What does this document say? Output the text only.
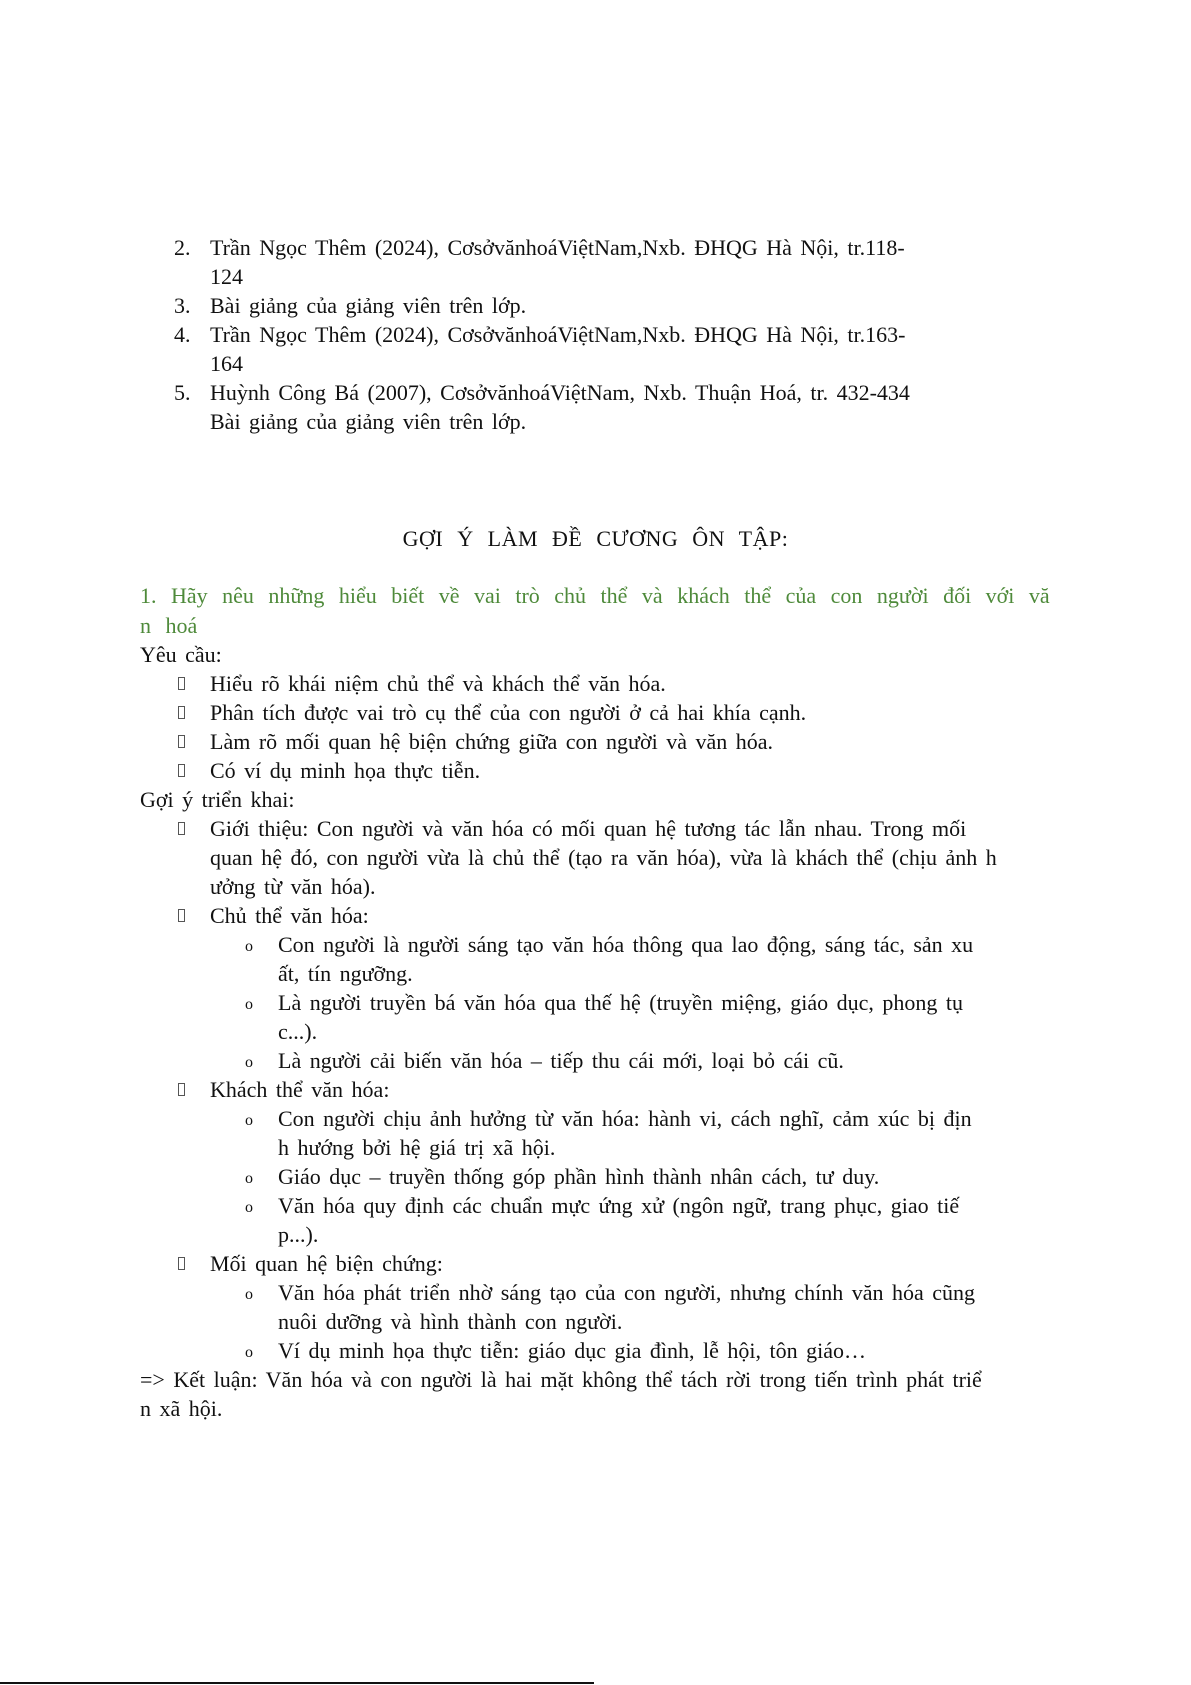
2. Trần Ngọc Thêm (2024), CơsởvănhoáViệtNam,Nxb. ĐHQG Hà Nội, tr.118-
124
3. Bài giảng của giảng viên trên lớp.
4. Trần Ngọc Thêm (2024), CơsởvănhoáViệtNam,Nxb. ĐHQG Hà Nội, tr.163-
164
5. Huỳnh Công Bá (2007), CơsởvănhoáViệtNam, Nxb. Thuận Hoá, tr. 432-434
Bài giảng của giảng viên trên lớp.
GỢI Ý LÀM ĐỀ CƯƠNG ÔN TẬP:
1. Hãy nêu những hiểu biết về vai trò chủ thể và khách thể của con người đối với vă
n hoá
Yêu cầu:
Hiểu rõ khái niệm chủ thể và khách thể văn hóa.
Phân tích được vai trò cụ thể của con người ở cả hai khía cạnh.
Làm rõ mối quan hệ biện chứng giữa con người và văn hóa.
Có ví dụ minh họa thực tiễn.
Gợi ý triển khai:
Giới thiệu: Con người và văn hóa có mối quan hệ tương tác lẫn nhau. Trong mối
quan hệ đó, con người vừa là chủ thể (tạo ra văn hóa), vừa là khách thể (chịu ảnh h
ưởng từ văn hóa).
Chủ thể văn hóa:
o Con người là người sáng tạo văn hóa thông qua lao động, sáng tác, sản xu
ất, tín ngưỡng.
o Là người truyền bá văn hóa qua thế hệ (truyền miệng, giáo dục, phong tụ
c...).
o Là người cải biến văn hóa – tiếp thu cái mới, loại bỏ cái cũ.
Khách thể văn hóa:
o Con người chịu ảnh hưởng từ văn hóa: hành vi, cách nghĩ, cảm xúc bị địn
h hướng bởi hệ giá trị xã hội.
o Giáo dục – truyền thống góp phần hình thành nhân cách, tư duy.
o Văn hóa quy định các chuẩn mực ứng xử (ngôn ngữ, trang phục, giao tiế
p...).
Mối quan hệ biện chứng:
o Văn hóa phát triển nhờ sáng tạo của con người, nhưng chính văn hóa cũng
nuôi dưỡng và hình thành con người.
o Ví dụ minh họa thực tiễn: giáo dục gia đình, lễ hội, tôn giáo…
=> Kết luận: Văn hóa và con người là hai mặt không thể tách rời trong tiến trình phát triể
n xã hội.
